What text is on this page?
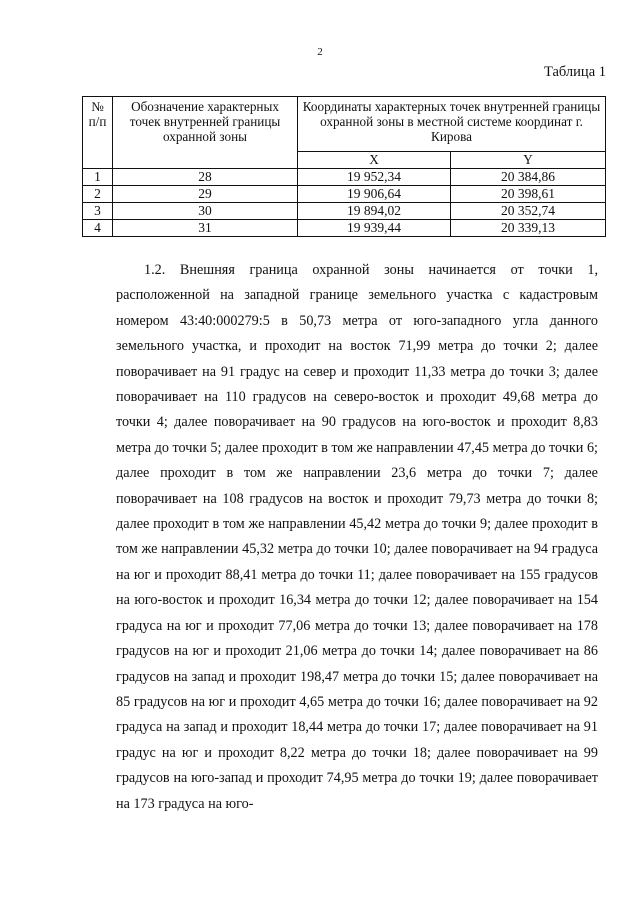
2
Таблица 1
№ п/п	Обозначение характерных точек внутренней границы охранной зоны	Координаты характерных точек внутренней границы охранной зоны в местной системе координат г. Кирова	
		X	Y
1	28	19 952,34	20 384,86
2	29	19 906,64	20 398,61
3	30	19 894,02	20 352,74
4	31	19 939,44	20 339,13

1.2. Внешняя граница охранной зоны начинается от точки 1, расположенной на западной границе земельного участка с кадастровым номером 43:40:000279:5 в 50,73 метра от юго-западного угла данного земельного участка, и проходит на восток 71,99 метра до точки 2; далее поворачивает на 91 градус на север и проходит 11,33 метра до точки 3; далее поворачивает на 110 градусов на северо-восток и проходит 49,68 метра до точки 4; далее поворачивает на 90 градусов на юго-восток и проходит 8,83 метра до точки 5; далее проходит в том же направлении 47,45 метра до точки 6; далее проходит в том же направлении 23,6 метра до точки 7; далее поворачивает на 108 градусов на восток и проходит 79,73 метра до точки 8; далее проходит в том же направлении 45,42 метра до точки 9; далее проходит в том же направлении 45,32 метра до точки 10; далее поворачивает на 94 градуса на юг и проходит 88,41 метра до точки 11; далее поворачивает на 155 градусов на юго-восток и проходит 16,34 метра до точки 12; далее поворачивает на 154 градуса на юг и проходит 77,06 метра до точки 13; далее поворачивает на 178 градусов на юг и проходит 21,06 метра до точки 14; далее поворачивает на 86 градусов на запад и проходит 198,47 метра до точки 15; далее поворачивает на 85 градусов на юг и проходит 4,65 метра до точки 16; далее поворачивает на 92 градуса на запад и проходит 18,44 метра до точки 17; далее поворачивает на 91 градус на юг и проходит 8,22 метра до точки 18; далее поворачивает на 99 градусов на юго-запад и проходит 74,95 метра до точки 19; далее поворачивает на 173 градуса на юго-
